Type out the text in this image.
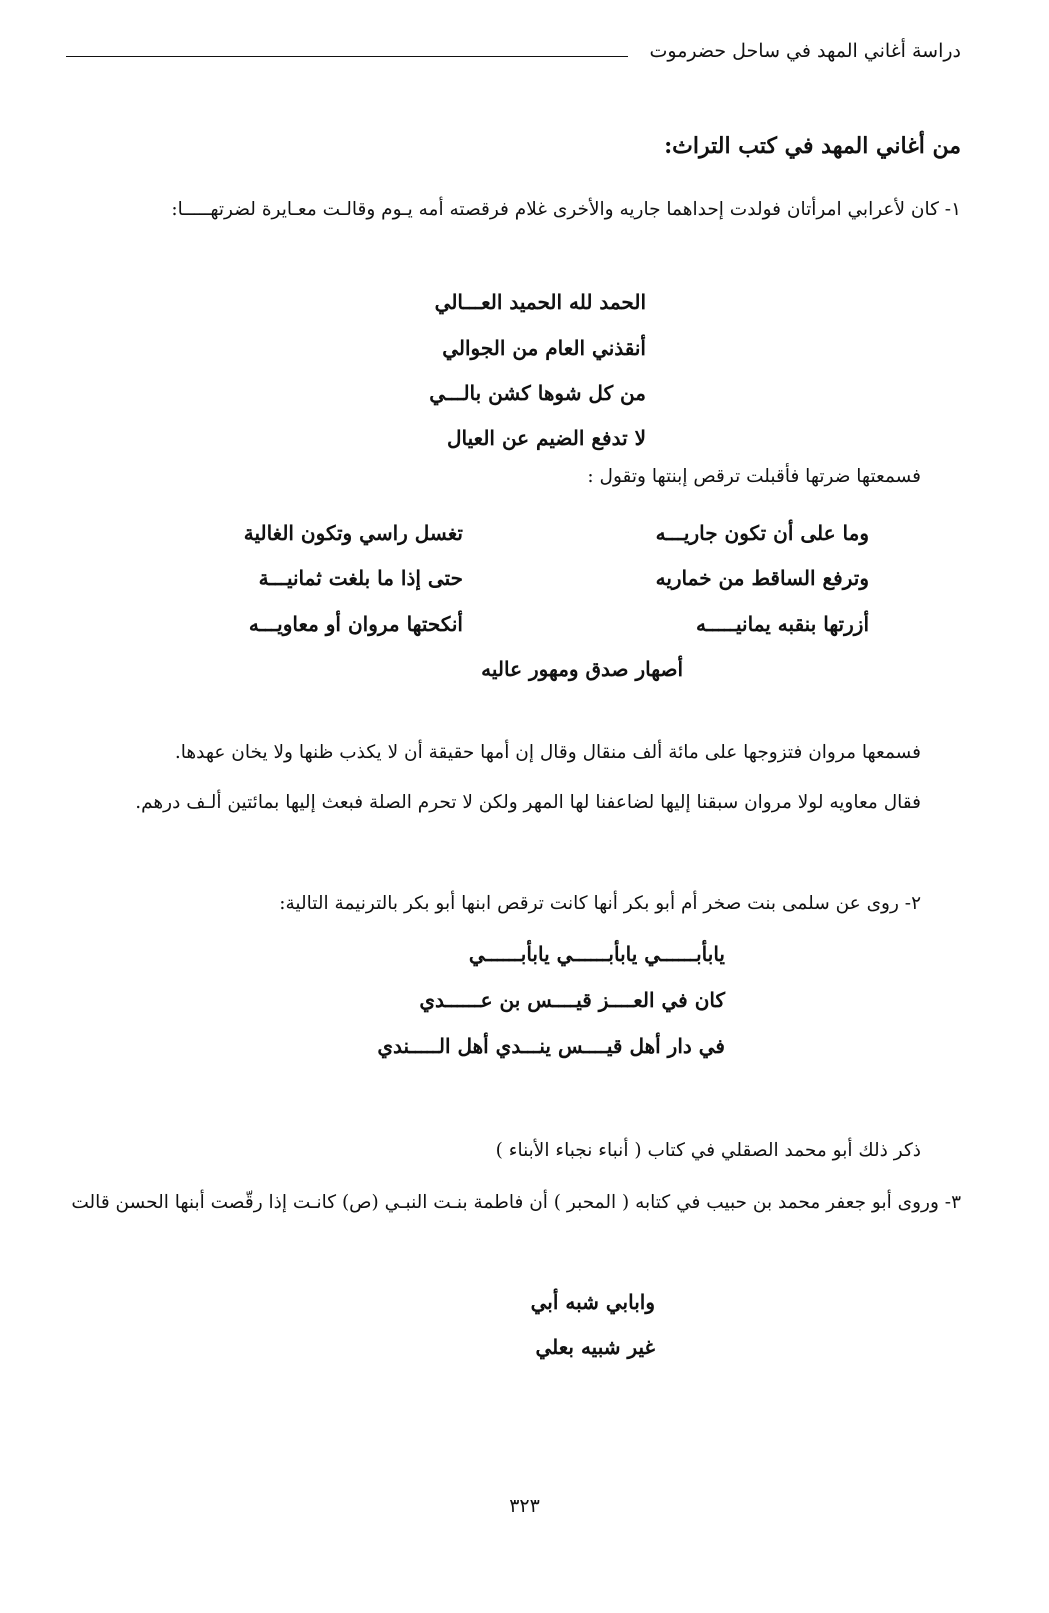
دراسة أغاني المهد في ساحل حضرموت
من أغاني المهد في كتب التراث:
١- كان لأعرابي امرأتان فولدت إحداهما جاريه والأخرى غلام فرقصته أمه يـوم وقالـت معـايرة لضرتهـــــا:
الحمد لله الحميد العـــالي
أنقذني العام من الجوالي
من كل شوها كشن بالـــي
لا تدفع الضيم عن العيال
فسمعتها ضرتها فأقبلت ترقص إبنتها وتقول :
وما على أن تكون جاريـــه
تغسل راسي وتكون الغالية
وترفع الساقط من خماريه
حتى إذا ما بلغت ثمانيـــة
أزرتها بنقبه يمانيـــــه
أنكحتها مروان أو معاويـــه
أصهار صدق ومهور عاليه
فسمعها مروان فتزوجها على مائة ألف منقال وقال إن أمها حقيقة أن لا يكذب ظنها ولا يخان عهدها.
فقال معاويه لولا مروان سبقنا إليها لضاعفنا لها المهر ولكن لا تحرم الصلة فبعث إليها بمائتين ألـف درهم.
٢- روى عن سلمى بنت صخر أم أبو بكر أنها كانت ترقص ابنها أبو بكر بالترنيمة التالية:
يابأبــــــي يابأبــــــي يابأبــــــي
كان في العــــز قيــــس بن عــــــدي
في دار أهل قيــــس ينـــدي أهل الـــــندي
ذكر ذلك أبو محمد الصقلي في كتاب ( أنباء نجباء الأبناء )
٣- وروى أبو جعفر محمد بن حبيب في كتابه ( المحبر ) أن فاطمة بنـت النبـي (ص) كانـت إذا رقّصت أبنها الحسن قالت
وابابي شبه أبي
غير شبيه بعلي
٣٢٣
